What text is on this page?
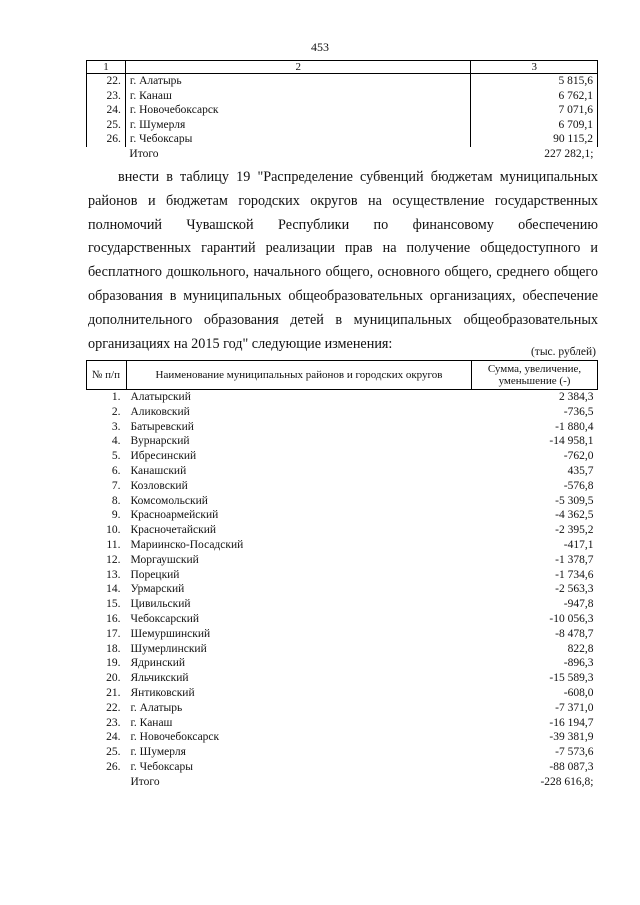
453
1	2	3
22.	г. Алатырь	5 815,6
23.	г. Канаш	6 762,1
24.	г. Новочебоксарск	7 071,6
25.	г. Шумерля	6 709,1
26.	г. Чебоксары	90 115,2
	Итого	227 282,1;

внести в таблицу 19 "Распределение субвенций бюджетам муниципальных районов и бюджетам городских округов на осуществление государственных полномочий Чувашской Республики по финансовому обеспечению государственных гарантий реализации прав на получение общедоступного и бесплатного дошкольного, начального общего, основного общего, среднего общего образования в муниципальных общеобразовательных организациях, обеспечение дополнительного образования детей в муниципальных общеобразовательных организациях на 2015 год" следующие изменения:

(тыс. рублей)
№ п/п	Наименование муниципальных районов и городских округов	Сумма, увеличение, уменьшение (-)
1.	Алатырский	2 384,3
2.	Аликовский	-736,5
3.	Батыревский	-1 880,4
4.	Вурнарский	-14 958,1
5.	Ибресинский	-762,0
6.	Канашский	435,7
7.	Козловский	-576,8
8.	Комсомольский	-5 309,5
9.	Красноармейский	-4 362,5
10.	Красночетайский	-2 395,2
11.	Мариинско-Посадский	-417,1
12.	Моргаушский	-1 378,7
13.	Порецкий	-1 734,6
14.	Урмарский	-2 563,3
15.	Цивильский	-947,8
16.	Чебоксарский	-10 056,3
17.	Шемуршинский	-8 478,7
18.	Шумерлинский	822,8
19.	Ядринский	-896,3
20.	Яльчикский	-15 589,3
21.	Янтиковский	-608,0
22.	г. Алатырь	-7 371,0
23.	г. Канаш	-16 194,7
24.	г. Новочебоксарск	-39 381,9
25.	г. Шумерля	-7 573,6
26.	г. Чебоксары	-88 087,3
	Итого	-228 616,8;
